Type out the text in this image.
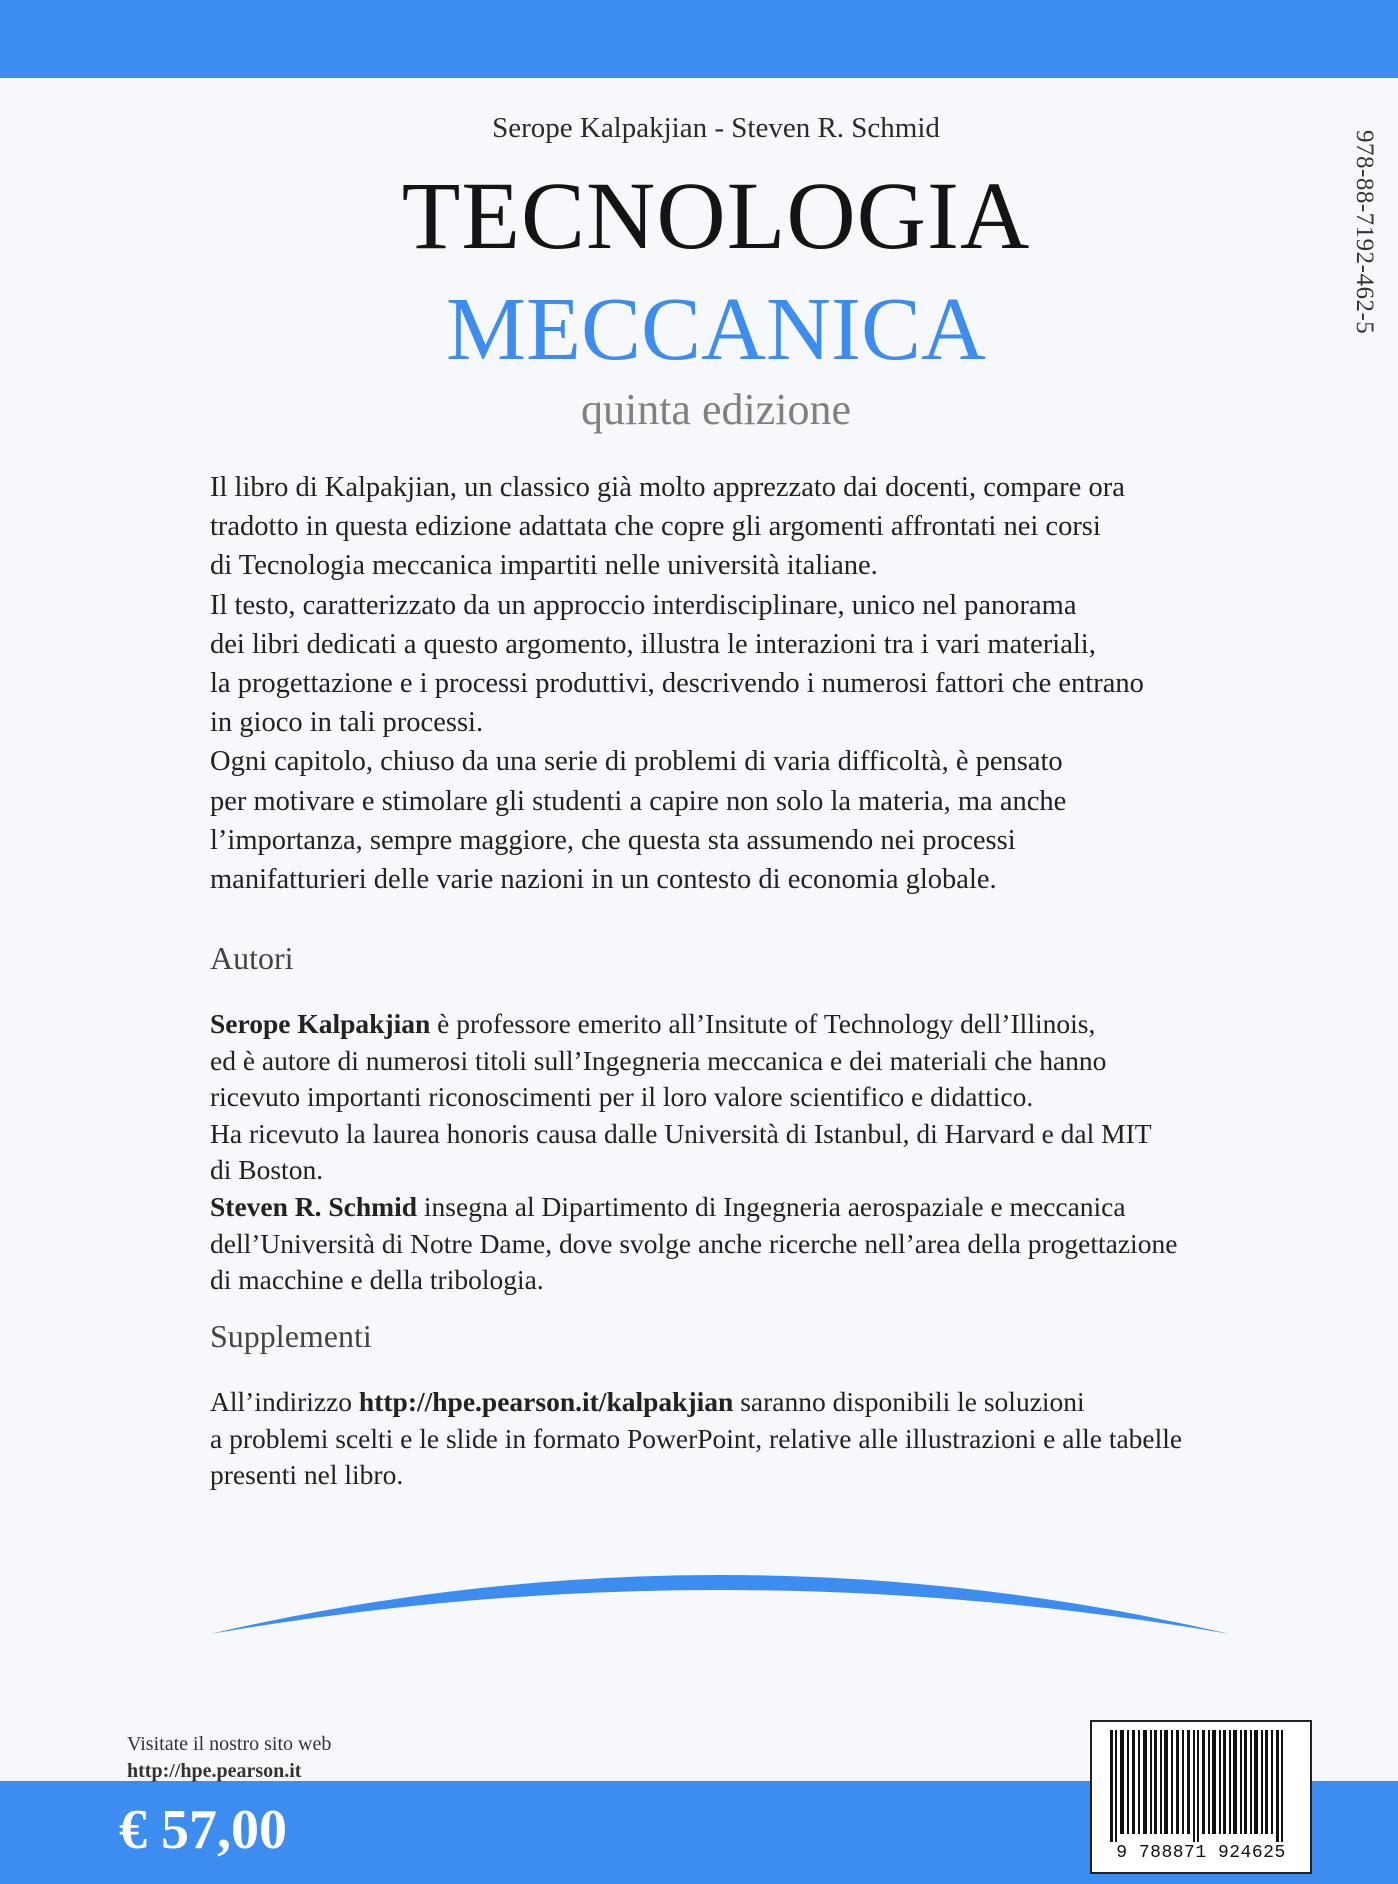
Serope Kalpakjian - Steven R. Schmid
TECNOLOGIA
MECCANICA
quinta edizione
978-88-7192-462-5

Il libro di Kalpakjian, un classico già molto apprezzato dai docenti, compare ora

tradotto in questa edizione adattata che copre gli argomenti affrontati nei corsi

di Tecnologia meccanica impartiti nelle università italiane.

Il testo, caratterizzato da un approccio interdisciplinare, unico nel panorama

dei libri dedicati a questo argomento, illustra le interazioni tra i vari materiali,

la progettazione e i processi produttivi, descrivendo i numerosi fattori che entrano

in gioco in tali processi.

Ogni capitolo, chiuso da una serie di problemi di varia difficoltà, è pensato

per motivare e stimolare gli studenti a capire non solo la materia, ma anche

l’importanza, sempre maggiore, che questa sta assumendo nei processi

manifatturieri delle varie nazioni in un contesto di economia globale.

Autori

Serope Kalpakjian è professore emerito all’Insitute of Technology dell’Illinois,

ed è autore di numerosi titoli sull’Ingegneria meccanica e dei materiali che hanno

ricevuto importanti riconoscimenti per il loro valore scientifico e didattico.

Ha ricevuto la laurea honoris causa dalle Università di Istanbul, di Harvard e dal MIT

di Boston.

Steven R. Schmid insegna al Dipartimento di Ingegneria aerospaziale e meccanica

dell’Università di Notre Dame, dove svolge anche ricerche nell’area della progettazione

di macchine e della tribologia.

Supplementi

All’indirizzo http://hpe.pearson.it/kalpakjian saranno disponibili le soluzioni

a problemi scelti e le slide in formato PowerPoint, relative alle illustrazioni e alle tabelle

presenti nel libro.

Visitate il nostro sito web
http://hpe.pearson.it
€ 57,00	9 788871 924625
